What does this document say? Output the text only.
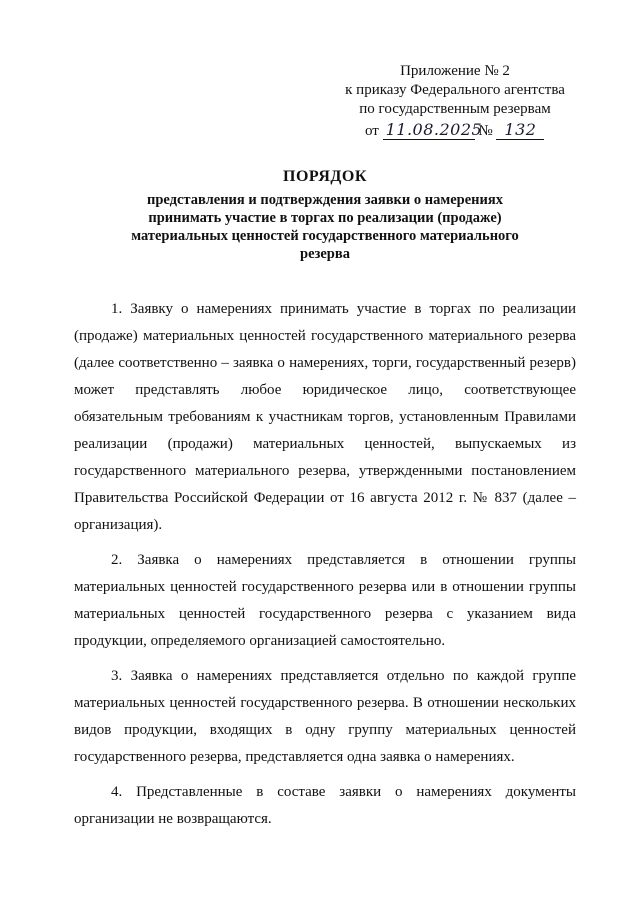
Приложение № 2
к приказу Федерального агентства
по государственным резервам
от 11.08.2025 № 132
ПОРЯДОК
представления и подтверждения заявки о намерениях принимать участие в торгах по реализации (продаже) материальных ценностей государственного материального резерва

1. Заявку о намерениях принимать участие в торгах по реализации (продаже) материальных ценностей государственного материального резерва (далее соответственно – заявка о намерениях, торги, государственный резерв) может представлять любое юридическое лицо, соответствующее обязательным требованиям к участникам торгов, установленным Правилами реализации (продажи) материальных ценностей, выпускаемых из государственного материального резерва, утвержденными постановлением Правительства Российской Федерации от 16 августа 2012 г. № 837 (далее – организация).

2. Заявка о намерениях представляется в отношении группы материальных ценностей государственного резерва или в отношении группы материальных ценностей государственного резерва с указанием вида продукции, определяемого организацией самостоятельно.

3. Заявка о намерениях представляется отдельно по каждой группе материальных ценностей государственного резерва. В отношении нескольких видов продукции, входящих в одну группу материальных ценностей государственного резерва, представляется одна заявка о намерениях.

4. Представленные в составе заявки о намерениях документы организации не возвращаются.
